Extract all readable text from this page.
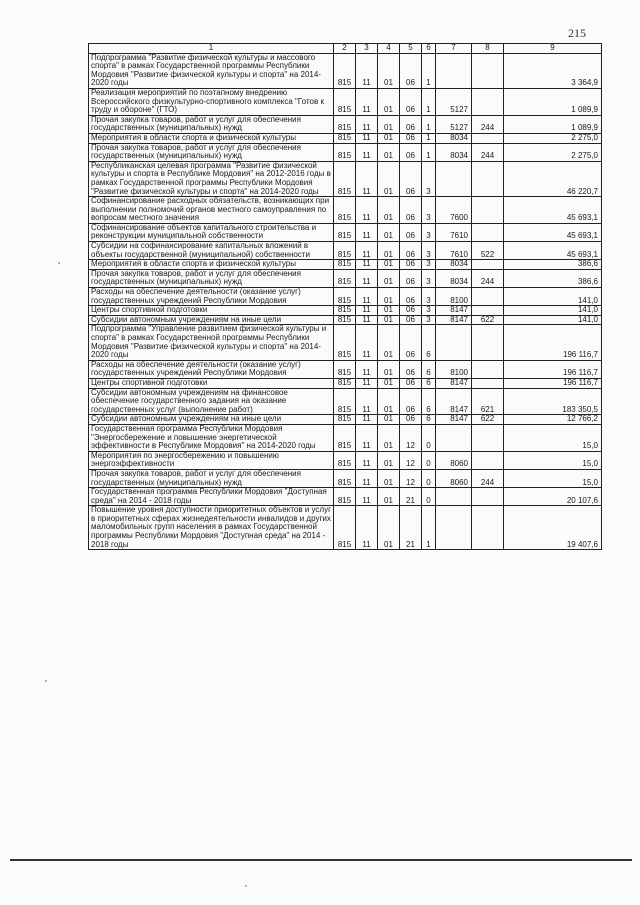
215
1	2	3	4	5	6	7	8	9
Подпрограмма "Развитие физической культуры и массового спорта" в рамках Государственной программы Республики Мордовия "Развитие физической культуры и спорта" на 2014-2020 годы	815	11	01	06	1			3 364,9
Реализация мероприятий по поэтапному внедрению Всероссийского физкультурно-спортивного комплекса "Готов к труду и обороне" (ГТО)	815	11	01	06	1	5127		1 089,9
Прочая закупка товаров, работ и услуг для обеспечения государственных (муниципальных) нужд	815	11	01	06	1	5127	244	1 089,9
Мероприятия в области спорта и физической культуры	815	11	01	06	1	8034		2 275,0
Прочая закупка товаров, работ и услуг для обеспечения государственных (муниципальных) нужд	815	11	01	06	1	8034	244	2 275,0
Республиканская целевая программа "Развитие физической культуры и спорта в Республике Мордовия" на 2012-2016 годы в рамках Государственной программы Республики Мордовия "Развитие физической культуры и спорта" на 2014-2020 годы	815	11	01	06	3			46 220,7
Софинансирование расходных обязательств, возникающих при выполнении полномочий органов местного самоуправления по вопросам местного значения	815	11	01	06	3	7600		45 693,1
Софинансирование объектов капитального строительства и реконструкции муниципальной собственности	815	11	01	06	3	7610		45 693,1
Субсидии на софинансирование капитальных вложений в объекты государственной (муниципальной) собственности	815	11	01	06	3	7610	522	45 693,1
Мероприятия в области спорта и физической культуры	815	11	01	06	3	8034		386,6
Прочая закупка товаров, работ и услуг для обеспечения государственных (муниципальных) нужд	815	11	01	06	3	8034	244	386,6
Расходы на обеспечение деятельности (оказание услуг) государственных учреждений Республики Мордовия	815	11	01	06	3	8100		141,0
Центры спортивной подготовки	815	11	01	06	3	8147		141,0
Субсидии автономным учреждениям на иные цели	815	11	01	06	3	8147	622	141,0
Подпрограмма "Управление развитием физической культуры и спорта" в рамках Государственной программы Республики Мордовия "Развитие физической культуры и спорта" на 2014-2020 годы	815	11	01	06	6			196 116,7
Расходы на обеспечение деятельности (оказание услуг) государственных учреждений Республики Мордовия	815	11	01	06	6	8100		196 116,7
Центры спортивной подготовки	815	11	01	06	6	8147		196 116,7
Субсидии автономным учреждениям на финансовое обеспечение государственного задания на оказание государственных услуг (выполнение работ)	815	11	01	06	6	8147	621	183 350,5
Субсидии автономным учреждениям на иные цели	815	11	01	06	6	8147	622	12 766,2
Государственная программа Республики Мордовия "Энергосбережение и повышение энергетической эффективности в Республике Мордовия" на 2014-2020 годы	815	11	01	12	0			15,0
Мероприятия по энергосбережению и повышению энергоэффективности	815	11	01	12	0	8060		15,0
Прочая закупка товаров, работ и услуг для обеспечения государственных (муниципальных) нужд	815	11	01	12	0	8060	244	15,0
Государственная программа Республики Мордовия "Доступная среда" на 2014 - 2018 годы	815	11	01	21	0			20 107,6
Повышение уровня доступности приоритетных объектов и услуг в приоритетных сферах жизнедеятельности инвалидов и других маломобильных групп населения в рамках Государственной программы Республики Мордовия "Доступная среда" на 2014 - 2018 годы	815	11	01	21	1			19 407,6
